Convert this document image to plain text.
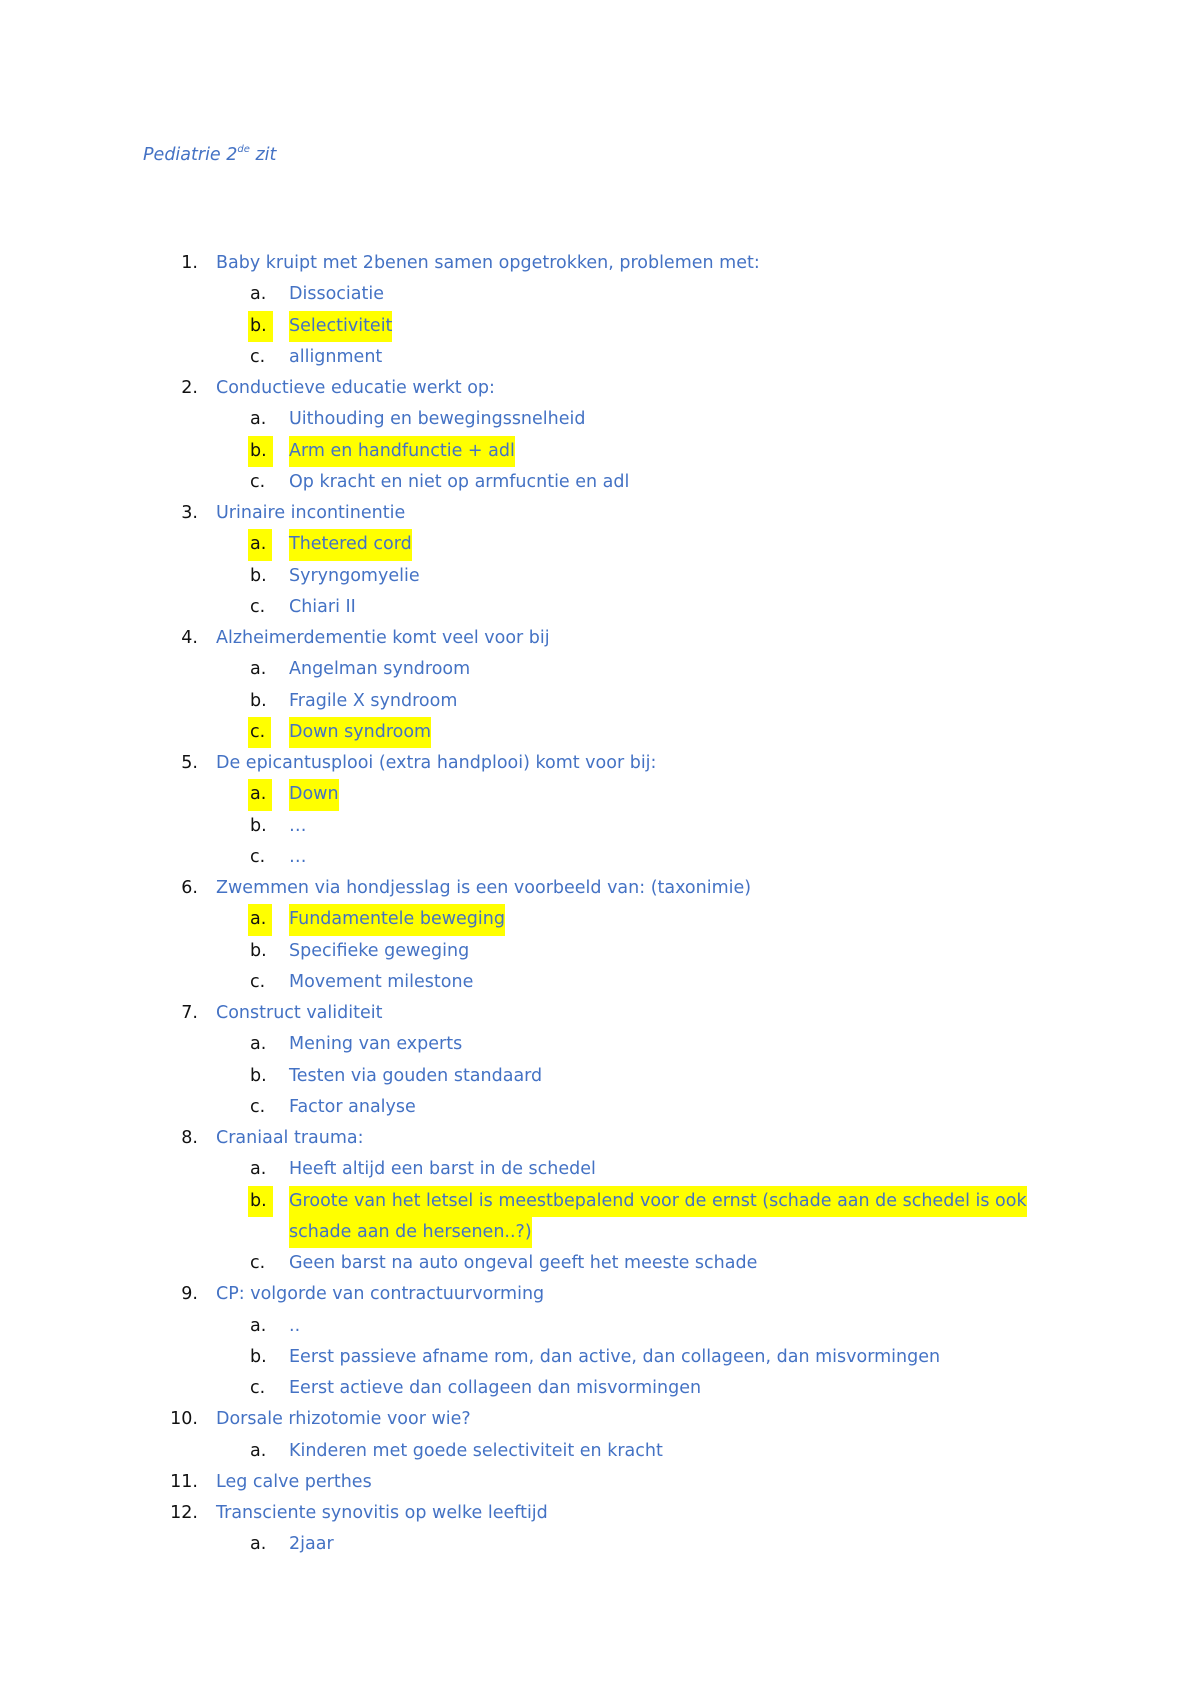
Pediatrie 2de zit
1. Baby kruipt met 2benen samen opgetrokken, problemen met:
a. Dissociatie
b.	Selectiviteit
c. allignment
2. Conductieve educatie werkt op:
a. Uithouding en bewegingssnelheid
b.	Arm en handfunctie + adl
c. Op kracht en niet op armfucntie en adl
3. Urinaire incontinentie
a.	Thetered cord
b. Syryngomyelie
c. Chiari II
4. Alzheimerdementie komt veel voor bij
a. Angelman syndroom
b. Fragile X syndroom
c.	Down syndroom
5. De epicantusplooi (extra handplooi) komt voor bij:
a.	Down
b. …
c. …
6. Zwemmen via hondjesslag is een voorbeeld van: (taxonimie)
a.	Fundamentele beweging
b. Specifieke geweging
c. Movement milestone
7. Construct validiteit
a. Mening van experts
b. Testen via gouden standaard
c. Factor analyse
8. Craniaal trauma:
a. Heeft altijd een barst in de schedel
b.	Groote van het letsel is meestbepalend voor de ernst (schade aan de schedel is ook schade aan de hersenen..?)
c. Geen barst na auto ongeval geeft het meeste schade
9. CP: volgorde van contractuurvorming
a. ..
b. Eerst passieve afname rom, dan active, dan collageen, dan misvormingen
c. Eerst actieve dan collageen dan misvormingen
10. Dorsale rhizotomie voor wie?
a. Kinderen met goede selectiviteit en kracht
11. Leg calve perthes
12. Transciente synovitis op welke leeftijd
a. 2jaar
